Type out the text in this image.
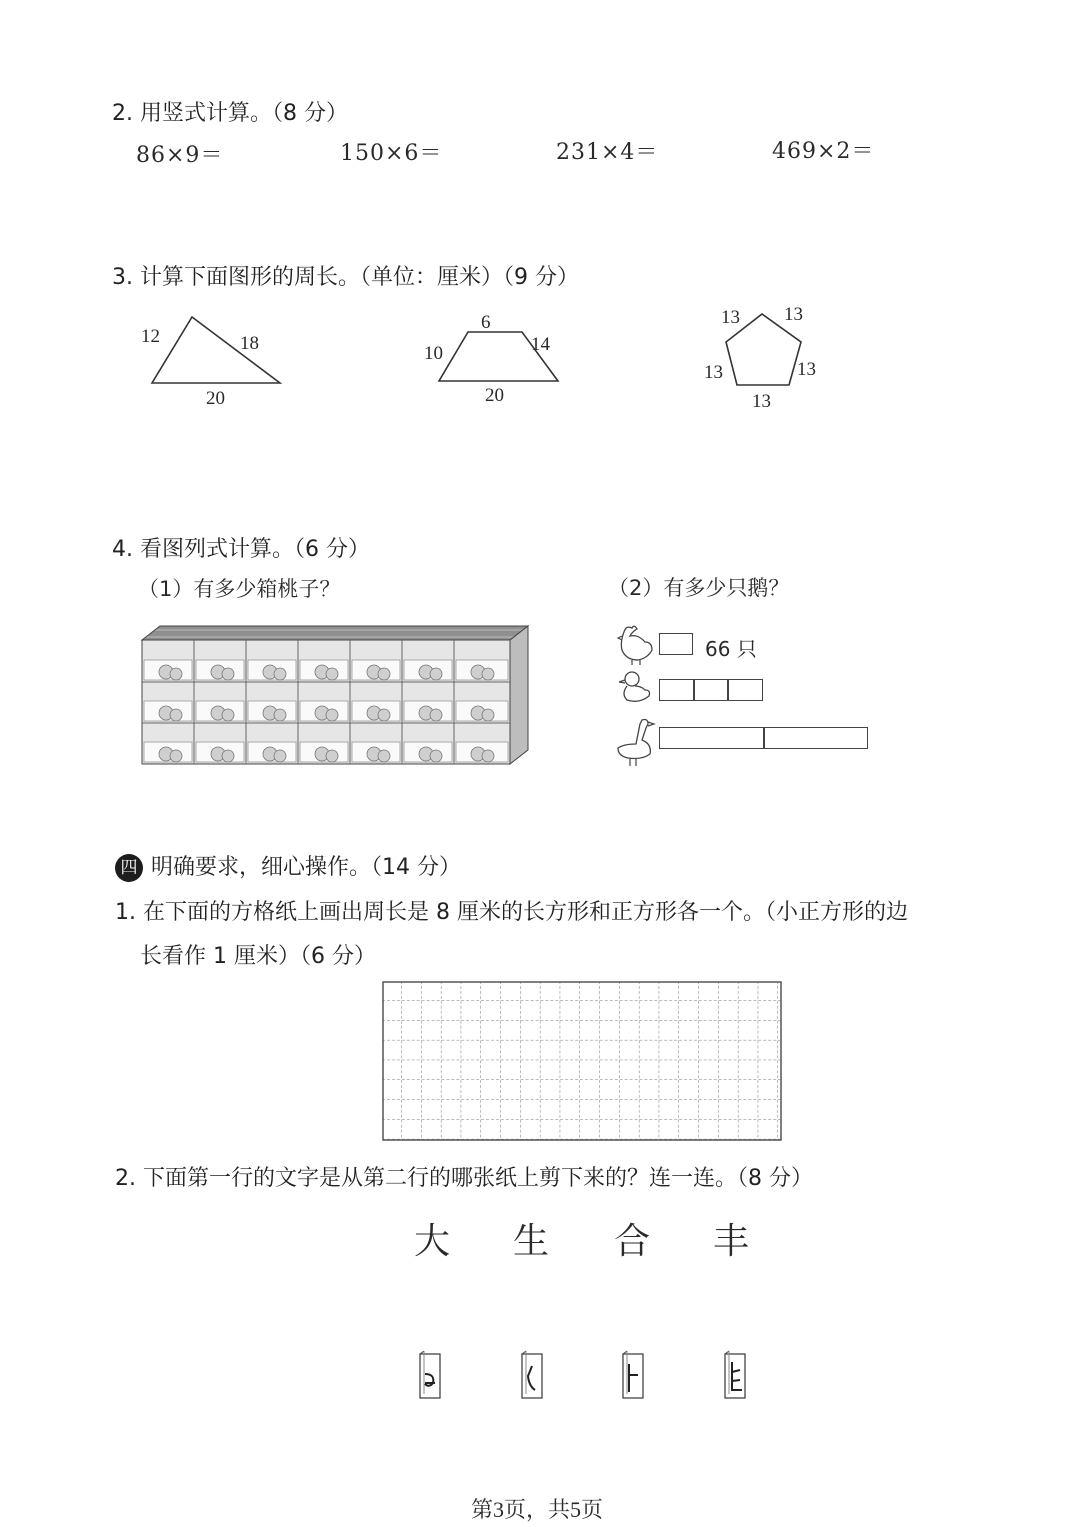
2. 用竖式计算。（8 分）
86×9＝	150×6＝	231×4＝	469×2＝
3. 计算下面图形的周长。（单位：厘米）（9 分）
12	18
20
6
10	14
20
13 13
13	13
13
4. 看图列式计算。（6 分）
（1）有多少箱桃子？	（2）有多少只鹅？
66 只
四 明确要求，细心操作。（14 分）
1. 在下面的方格纸上画出周长是 8 厘米的长方形和正方形各一个。（小正方形的边
长看作 1 厘米）（6 分）
2. 下面第一行的文字是从第二行的哪张纸上剪下来的？连一连。（8 分）
大 生 合 丰
第3页，共5页
